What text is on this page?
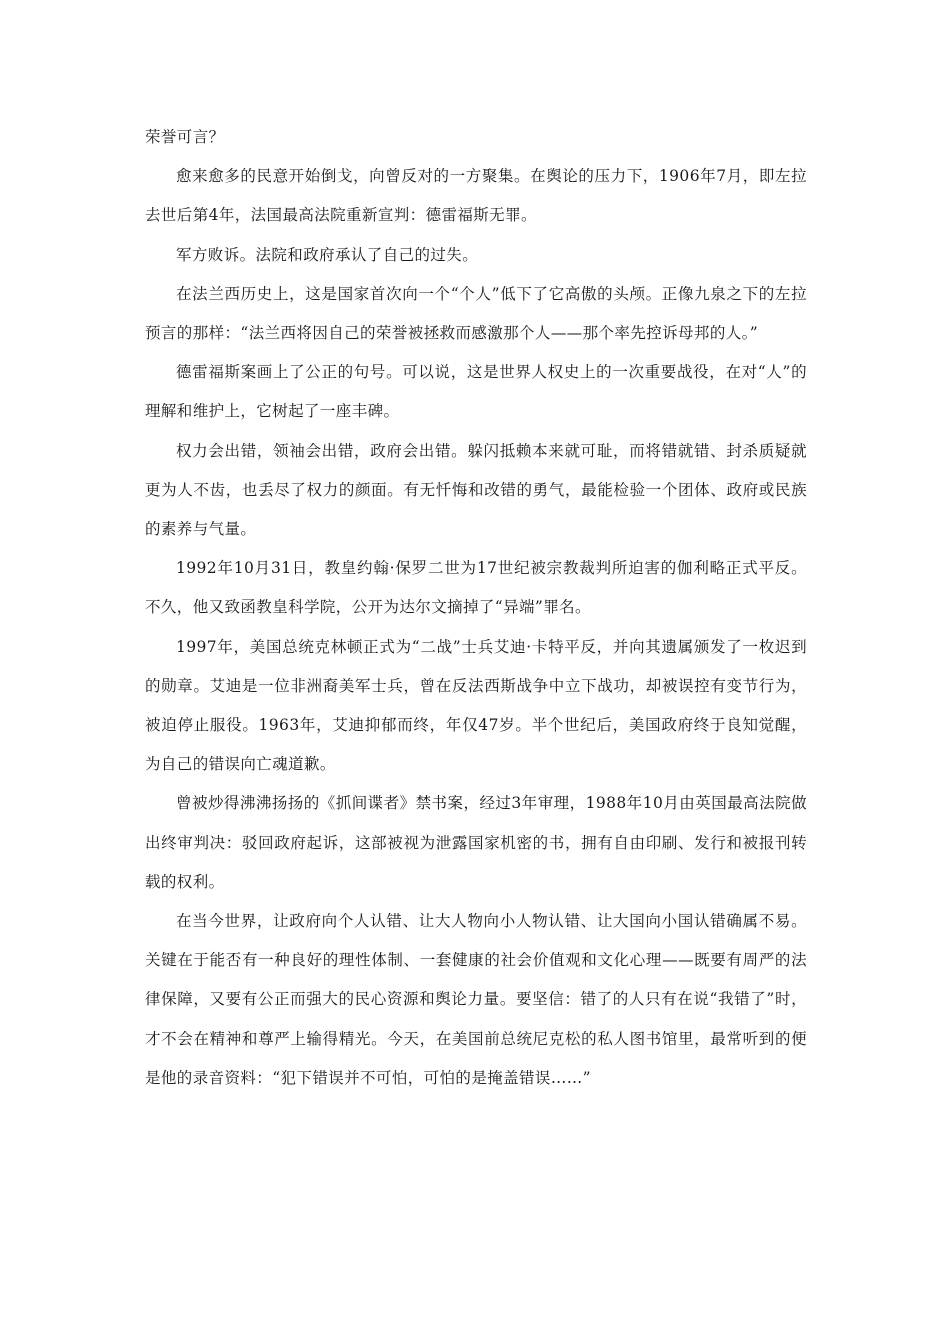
荣誉可言？

愈来愈多的民意开始倒戈，向曾反对的一方聚集。在舆论的压力下，1906年7月，即左拉去世后第4年，法国最高法院重新宣判：德雷福斯无罪。

军方败诉。法院和政府承认了自己的过失。

在法兰西历史上，这是国家首次向一个“个人”低下了它高傲的头颅。正像九泉之下的左拉预言的那样：“法兰西将因自己的荣誉被拯救而感激那个人——那个率先控诉母邦的人。”

德雷福斯案画上了公正的句号。可以说，这是世界人权史上的一次重要战役，在对“人”的理解和维护上，它树起了一座丰碑。

权力会出错，领袖会出错，政府会出错。躲闪抵赖本来就可耻，而将错就错、封杀质疑就更为人不齿，也丢尽了权力的颜面。有无忏悔和改错的勇气，最能检验一个团体、政府或民族的素养与气量。

1992年10月31日，教皇约翰·保罗二世为17世纪被宗教裁判所迫害的伽利略正式平反。不久，他又致函教皇科学院，公开为达尔文摘掉了“异端”罪名。

1997年，美国总统克林顿正式为“二战”士兵艾迪·卡特平反，并向其遗属颁发了一枚迟到的勋章。艾迪是一位非洲裔美军士兵，曾在反法西斯战争中立下战功，却被误控有变节行为，被迫停止服役。1963年，艾迪抑郁而终，年仅47岁。半个世纪后，美国政府终于良知觉醒，为自己的错误向亡魂道歉。

曾被炒得沸沸扬扬的《抓间谍者》禁书案，经过3年审理，1988年10月由英国最高法院做出终审判决：驳回政府起诉，这部被视为泄露国家机密的书，拥有自由印刷、发行和被报刊转载的权利。

在当今世界，让政府向个人认错、让大人物向小人物认错、让大国向小国认错确属不易。关键在于能否有一种良好的理性体制、一套健康的社会价值观和文化心理——既要有周严的法律保障，又要有公正而强大的民心资源和舆论力量。要坚信：错了的人只有在说“我错了”时，才不会在精神和尊严上输得精光。今天，在美国前总统尼克松的私人图书馆里，最常听到的便是他的录音资料：“犯下错误并不可怕，可怕的是掩盖错误……”
